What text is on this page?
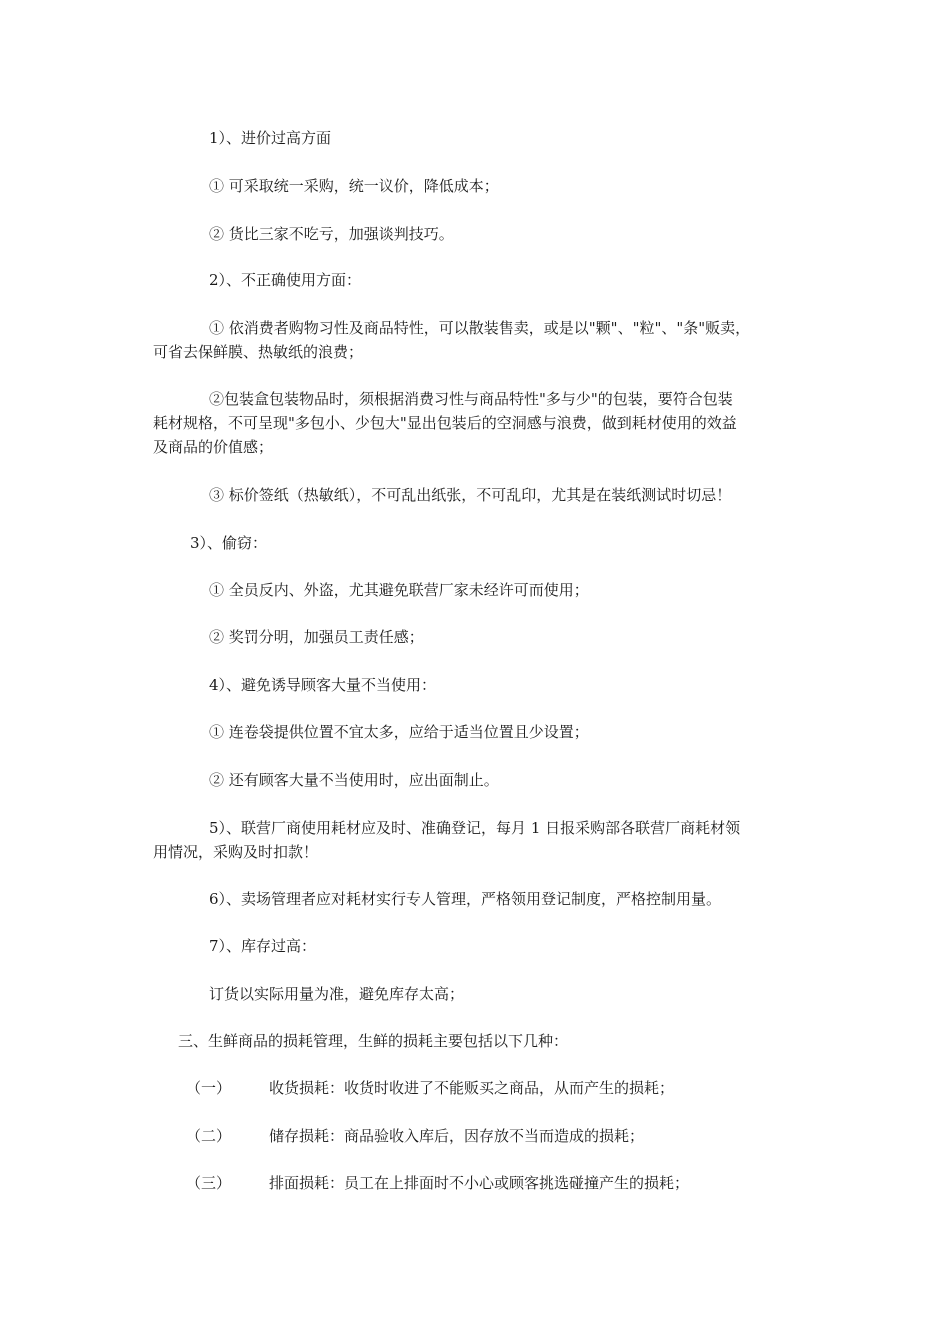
1）、进价过高方面
① 可采取统一采购，统一议价，降低成本；
② 货比三家不吃亏，加强谈判技巧。
2）、不正确使用方面：
① 依消费者购物习性及商品特性，可以散装售卖，或是以"颗"、"粒"、"条"贩卖，
可省去保鲜膜、热敏纸的浪费；
②包装盒包装物品时，须根据消费习性与商品特性"多与少"的包装，要符合包装
耗材规格，不可呈现"多包小、少包大"显出包装后的空洞感与浪费，做到耗材使用的效益
及商品的价值感；
③ 标价签纸（热敏纸），不可乱出纸张，不可乱印，尤其是在装纸测试时切忌！
3）、偷窃：
① 全员反内、外盗，尤其避免联营厂家未经许可而使用；
② 奖罚分明，加强员工责任感；
4）、避免诱导顾客大量不当使用：
① 连卷袋提供位置不宜太多，应给于适当位置且少设置；
② 还有顾客大量不当使用时，应出面制止。
5）、联营厂商使用耗材应及时、准确登记，每月 1 日报采购部各联营厂商耗材领
用情况，采购及时扣款！
6）、卖场管理者应对耗材实行专人管理，严格领用登记制度，严格控制用量。
7）、库存过高：
订货以实际用量为准，避免库存太高；
三、生鲜商品的损耗管理，生鲜的损耗主要包括以下几种：
（一）	收货损耗：收货时收进了不能贩买之商品，从而产生的损耗；
（二）	储存损耗：商品验收入库后，因存放不当而造成的损耗；
（三）	排面损耗：员工在上排面时不小心或顾客挑选碰撞产生的损耗；
